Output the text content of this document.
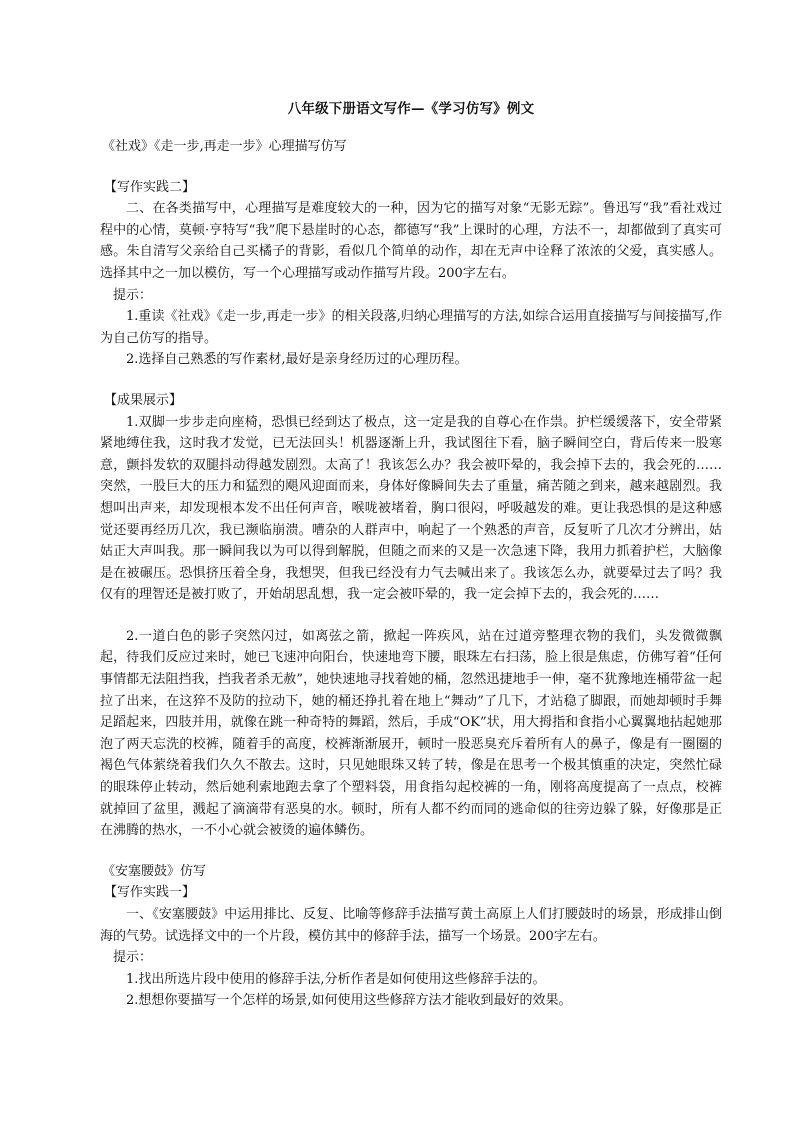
八年级下册语文写作—《学习仿写》例文
《社戏》《走一步,再走一步》心理描写仿写
【写作实践二】

二、在各类描写中，心理描写是难度较大的一种，因为它的描写对象“无影无踪”。鲁迅写“我”看社戏过程中的心情，莫顿·亨特写“我”爬下悬崖时的心态，都德写“我”上课时的心理，方法不一，却都做到了真实可感。朱自清写父亲给自己买橘子的背影，看似几个简单的动作，却在无声中诠释了浓浓的父爱，真实感人。选择其中之一加以模仿，写一个心理描写或动作描写片段。200字左右。

提示：

1.重读《社戏》《走一步,再走一步》的相关段落,归纳心理描写的方法,如综合运用直接描写与间接描写,作为自己仿写的指导。

2.选择自己熟悉的写作素材,最好是亲身经历过的心理历程。

【成果展示】

1.双脚一步步走向座椅，恐惧已经到达了极点，这一定是我的自尊心在作祟。护栏缓缓落下，安全带紧紧地缚住我，这时我才发觉，已无法回头！机器逐渐上升，我试图往下看，脑子瞬间空白，背后传来一股寒意，颤抖发软的双腿抖动得越发剧烈。太高了！我该怎么办？我会被吓晕的，我会掉下去的，我会死的……突然，一股巨大的压力和猛烈的飓风迎面而来，身体好像瞬间失去了重量，痛苦随之到来，越来越剧烈。我想叫出声来，却发现根本发不出任何声音，喉咙被堵着，胸口很闷，呼吸越发的难。更让我恐惧的是这种感觉还要再经历几次，我已濒临崩溃。嘈杂的人群声中，响起了一个熟悉的声音，反复听了几次才分辨出，姑姑正大声叫我。那一瞬间我以为可以得到解脱，但随之而来的又是一次急速下降，我用力抓着护栏，大脑像是在被碾压。恐惧挤压着全身，我想哭，但我已经没有力气去喊出来了。我该怎么办，就要晕过去了吗？我仅有的理智还是被打败了，开始胡思乱想，我一定会被吓晕的，我一定会掉下去的，我会死的……

2.一道白色的影子突然闪过，如离弦之箭，掀起一阵疾风，站在过道旁整理衣物的我们，头发微微飘起，待我们反应过来时，她已飞速冲向阳台，快速地弯下腰，眼珠左右扫荡，脸上很是焦虑，仿佛写着“任何事情都无法阻挡我，挡我者杀无赦”，她快速地寻找着她的桶，忽然迅捷地手一伸，毫不犹豫地连桶带盆一起拉了出来，在这猝不及防的拉动下，她的桶还挣扎着在地上“舞动”了几下，才站稳了脚跟，而她却顿时手舞足蹈起来，四肢并用，就像在跳一种奇特的舞蹈，然后，手成“OK”状，用大拇指和食指小心翼翼地拈起她那泡了两天忘洗的校裤，随着手的高度，校裤渐渐展开，顿时一股恶臭充斥着所有人的鼻子，像是有一圈圈的褐色气体萦绕着我们久久不散去。这时，只见她眼珠又转了转，像是在思考一个极其慎重的决定，突然忙碌的眼珠停止转动，然后她利索地跑去拿了个塑料袋，用食指勾起校裤的一角，刚将高度提高了一点点，校裤就掉回了盆里，溅起了滴滴带有恶臭的水。顿时，所有人都不约而同的逃命似的往旁边躲了躲，好像那是正在沸腾的热水，一不小心就会被烫的遍体鳞伤。

《安塞腰鼓》仿写
【写作实践一】

一、《安塞腰鼓》中运用排比、反复、比喻等修辞手法描写黄土高原上人们打腰鼓时的场景，形成排山倒海的气势。试选择文中的一个片段，模仿其中的修辞手法，描写一个场景。200字左右。

提示：

1.找出所选片段中使用的修辞手法,分析作者是如何使用这些修辞手法的。

2.想想你要描写一个怎样的场景,如何使用这些修辞方法才能收到最好的效果。
